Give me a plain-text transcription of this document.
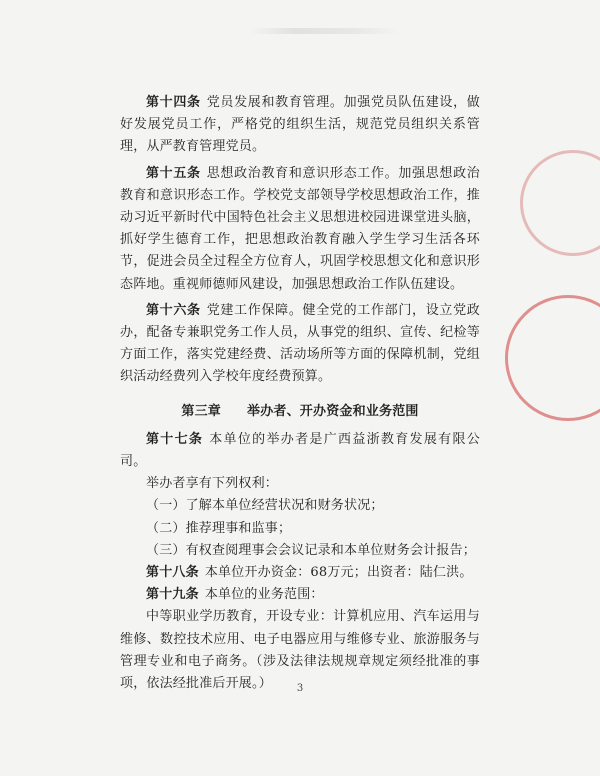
第十四条 党员发展和教育管理。加强党员队伍建设，做好发展党员工作，严格党的组织生活，规范党员组织关系管理，从严教育管理党员。

第十五条 思想政治教育和意识形态工作。加强思想政治教育和意识形态工作。学校党支部领导学校思想政治工作，推动习近平新时代中国特色社会主义思想进校园进课堂进头脑，抓好学生德育工作，把思想政治教育融入学生学习生活各环节，促进会员全过程全方位育人，巩固学校思想文化和意识形态阵地。重视师德师风建设，加强思想政治工作队伍建设。

第十六条 党建工作保障。健全党的工作部门，设立党政办，配备专兼职党务工作人员，从事党的组织、宣传、纪检等方面工作，落实党建经费、活动场所等方面的保障机制，党组织活动经费列入学校年度经费预算。

第三章 举办者、开办资金和业务范围

第十七条 本单位的举办者是广西益浙教育发展有限公司。

举办者享有下列权利：

（一）了解本单位经营状况和财务状况；

（二）推荐理事和监事；

（三）有权查阅理事会会议记录和本单位财务会计报告；

第十八条 本单位开办资金：68万元；出资者：陆仁洪。

第十九条 本单位的业务范围：

中等职业学历教育，开设专业：计算机应用、汽车运用与维修、数控技术应用、电子电器应用与维修专业、旅游服务与管理专业和电子商务。（涉及法律法规规章规定须经批准的事项，依法经批准后开展。）	3
